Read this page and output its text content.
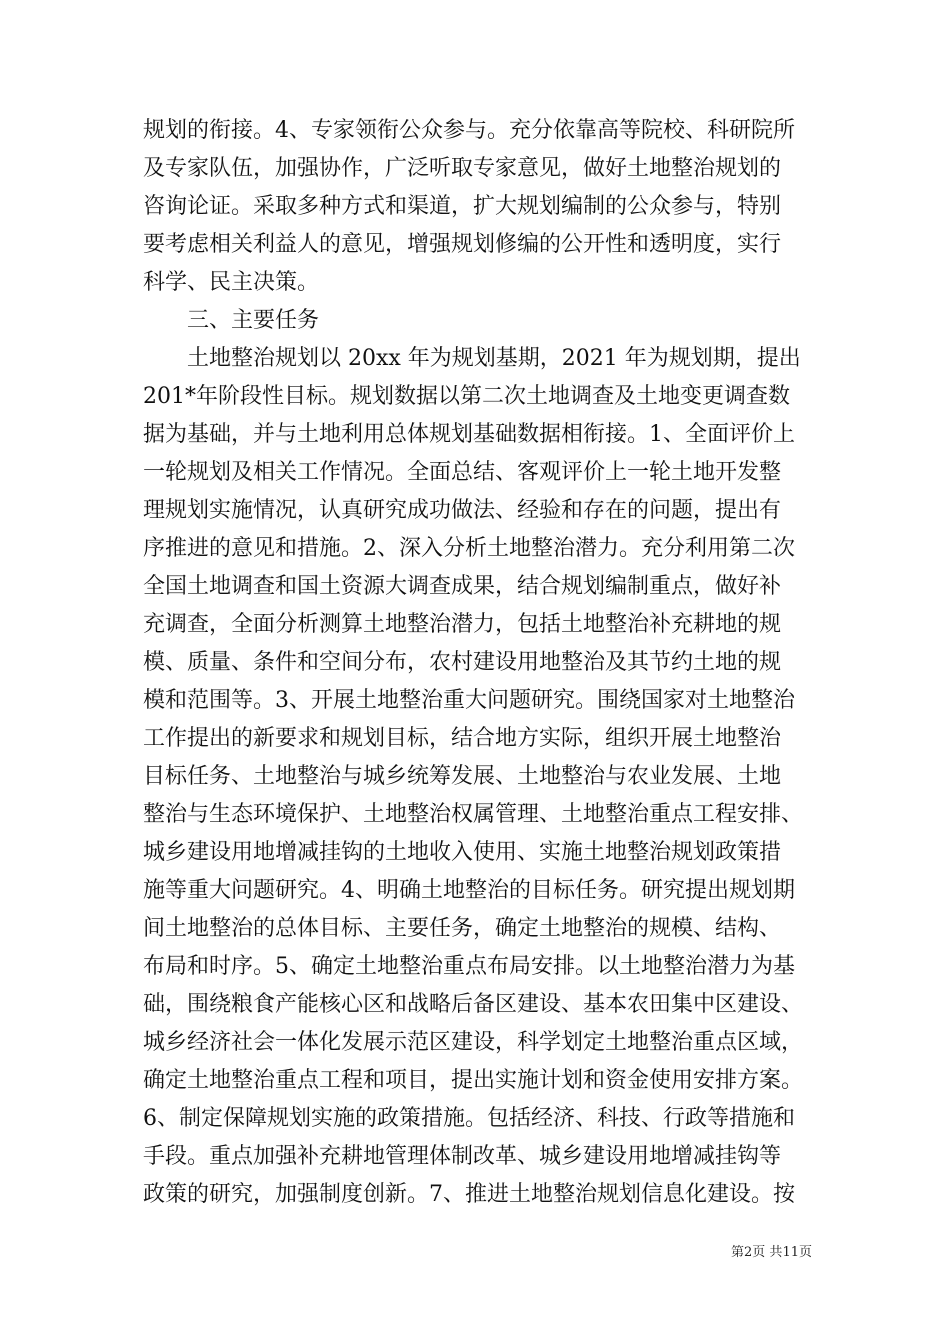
规划的衔接。4、专家领衔公众参与。充分依靠高等院校、科研院所
及专家队伍，加强协作，广泛听取专家意见，做好土地整治规划的
咨询论证。采取多种方式和渠道，扩大规划编制的公众参与，特别
要考虑相关利益人的意见，增强规划修编的公开性和透明度，实行
科学、民主决策。
三、主要任务
土地整治规划以 20xx 年为规划基期，2021 年为规划期，提出
201*年阶段性目标。规划数据以第二次土地调查及土地变更调查数
据为基础，并与土地利用总体规划基础数据相衔接。1、全面评价上
一轮规划及相关工作情况。全面总结、客观评价上一轮土地开发整
理规划实施情况，认真研究成功做法、经验和存在的问题，提出有
序推进的意见和措施。2、深入分析土地整治潜力。充分利用第二次
全国土地调查和国土资源大调查成果，结合规划编制重点，做好补
充调查，全面分析测算土地整治潜力，包括土地整治补充耕地的规
模、质量、条件和空间分布，农村建设用地整治及其节约土地的规
模和范围等。3、开展土地整治重大问题研究。围绕国家对土地整治
工作提出的新要求和规划目标，结合地方实际，组织开展土地整治
目标任务、土地整治与城乡统筹发展、土地整治与农业发展、土地
整治与生态环境保护、土地整治权属管理、土地整治重点工程安排、
城乡建设用地增减挂钩的土地收入使用、实施土地整治规划政策措
施等重大问题研究。4、明确土地整治的目标任务。研究提出规划期
间土地整治的总体目标、主要任务，确定土地整治的规模、结构、
布局和时序。5、确定土地整治重点布局安排。以土地整治潜力为基
础，围绕粮食产能核心区和战略后备区建设、基本农田集中区建设、
城乡经济社会一体化发展示范区建设，科学划定土地整治重点区域，
确定土地整治重点工程和项目，提出实施计划和资金使用安排方案。
6、制定保障规划实施的政策措施。包括经济、科技、行政等措施和
手段。重点加强补充耕地管理体制改革、城乡建设用地增减挂钩等
政策的研究，加强制度创新。7、推进土地整治规划信息化建设。按
第2页 共11页
